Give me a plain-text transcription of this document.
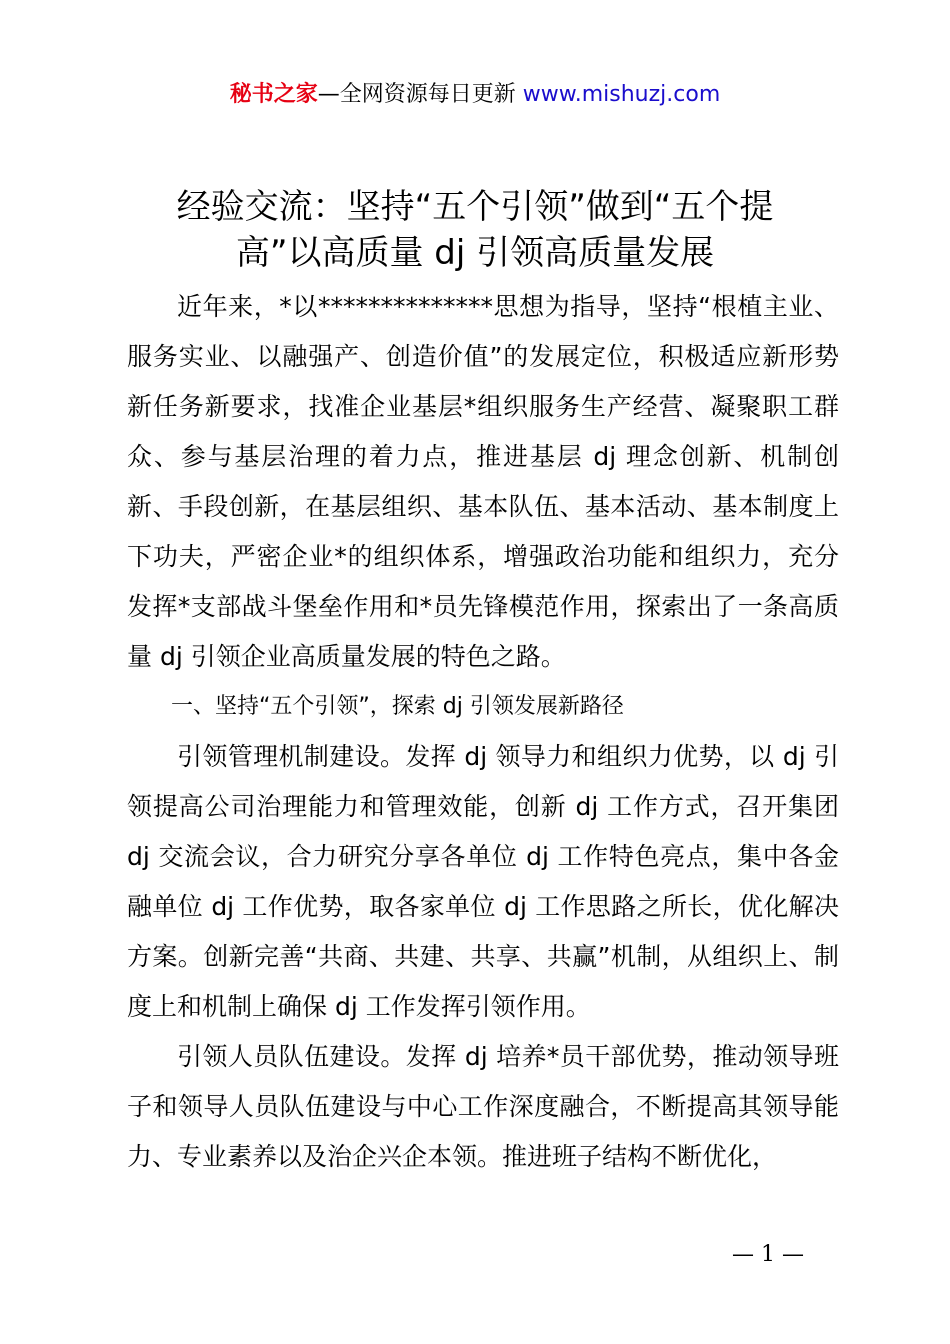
秘书之家—全网资源每日更新 www.mishuzj.com
经验交流：坚持“五个引领”做到“五个提
高”以高质量 dj 引领高质量发展

近年来，*以**************思想为指导，坚持“根植主业、服务实业、以融强产、创造价值”的发展定位，积极适应新形势新任务新要求，找准企业基层*组织服务生产经营、凝聚职工群众、参与基层治理的着力点，推进基层 dj 理念创新、机制创新、手段创新，在基层组织、基本队伍、基本活动、基本制度上下功夫，严密企业*的组织体系，增强政治功能和组织力，充分发挥*支部战斗堡垒作用和*员先锋模范作用，探索出了一条高质量 dj 引领企业高质量发展的特色之路。

一、坚持“五个引领”，探索 dj 引领发展新路径

引领管理机制建设。发挥 dj 领导力和组织力优势，以 dj 引领提高公司治理能力和管理效能，创新 dj 工作方式，召开集团 dj 交流会议，合力研究分享各单位 dj 工作特色亮点，集中各金融单位 dj 工作优势，取各家单位 dj 工作思路之所长，优化解决方案。创新完善“共商、共建、共享、共赢”机制，从组织上、制度上和机制上确保 dj 工作发挥引领作用。

引领人员队伍建设。发挥 dj 培养*员干部优势，推动领导班子和领导人员队伍建设与中心工作深度融合，不断提高其领导能力、专业素养以及治企兴企本领。推进班子结构不断优化，

— 1 —
